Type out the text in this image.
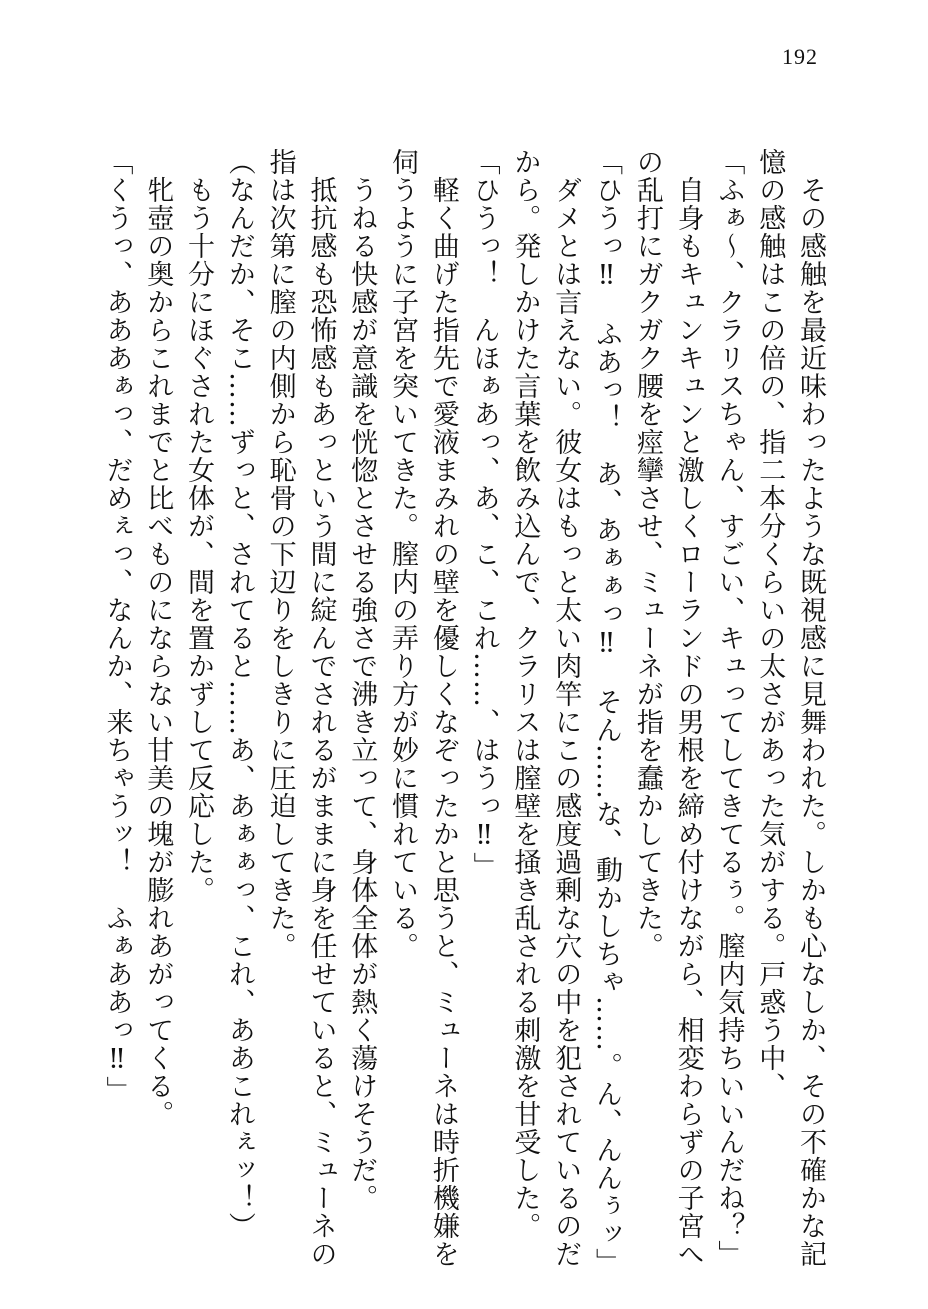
192

　その感触を最近味わったような既視感に見舞われた。しかも心なしか、その不確かな記

憶の感触はこの倍の、指二本分くらいの太さがあった気がする。戸惑う中、

「ふぁ〜、クラリスちゃん、すごい、キュってしてきてるぅ。膣内気持ちいいんだね？」

　自身もキュンキュンと激しくローランドの男根を締め付けながら、相変わらずの子宮へ

の乱打にガクガク腰を痙攣させ、ミューネが指を蠢かしてきた。

「ひうっ‼　ふあっ！　あ、あぁぁっ‼　そん……な、動かしちゃ……。ん、んんぅッ」

　ダメとは言えない。彼女はもっと太い肉竿にこの感度過剰な穴の中を犯されているのだ

から。発しかけた言葉を飲み込んで、クラリスは膣壁を掻き乱される刺激を甘受した。

「ひうっ！　んほぁあっ、あ、こ、これ……、はうっ‼」

　軽く曲げた指先で愛液まみれの壁を優しくなぞったかと思うと、ミューネは時折機嫌を

伺うように子宮を突いてきた。膣内の弄り方が妙に慣れている。

　うねる快感が意識を恍惚とさせる強さで沸き立って、身体全体が熱く蕩けそうだ。

　抵抗感も恐怖感もあっという間に綻んでされるがままに身を任せていると、ミューネの

指は次第に膣の内側から恥骨の下辺りをしきりに圧迫してきた。

（なんだか、そこ……ずっと、されてると……あ、あぁぁっ、これ、ああこれぇッ！）

　もう十分にほぐされた女体が、間を置かずして反応した。

　牝壺の奥からこれまでと比べものにならない甘美の塊が膨れあがってくる。

「くうっ、あああぁっ、だめぇっ、なんか、来ちゃうッ！　ふぁああっ‼」
